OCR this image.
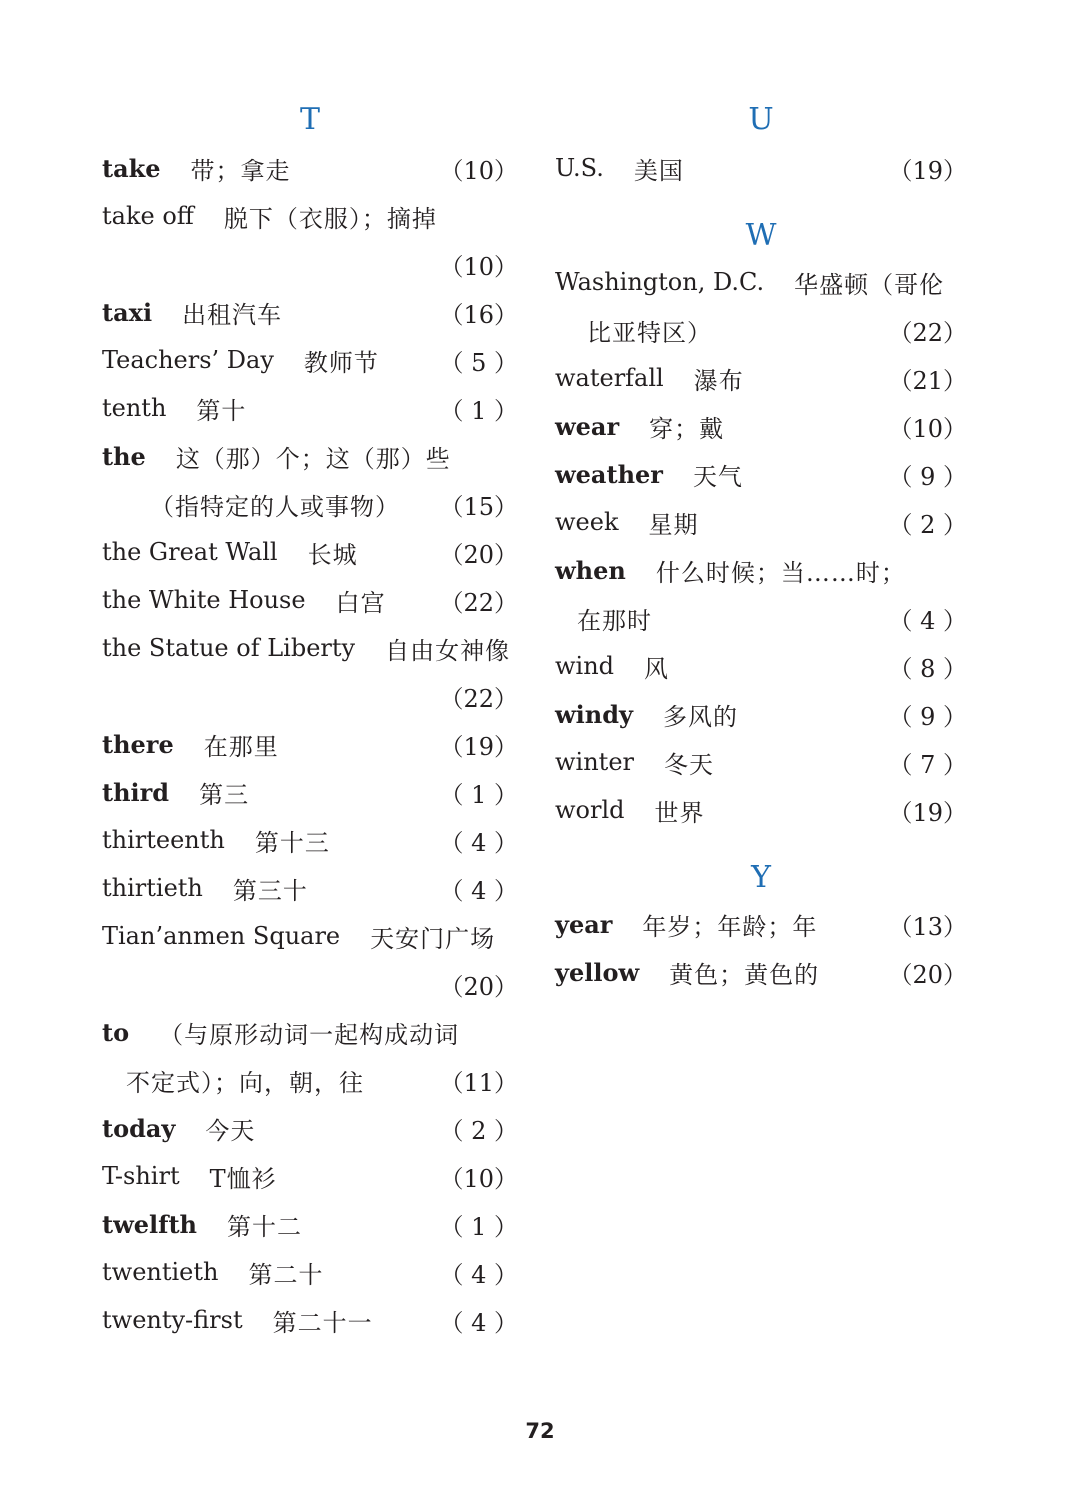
T
take 带；拿走	（10）
take off 脱下（衣服）；摘掉
（10）
taxi 出租汽车	（16）
Teachers’ Day 教师节	（ 5 ）
tenth 第十	（ 1 ）
the 这（那）个；这（那）些
（指特定的人或事物） （15）
the Great Wall 长城	（20）
the White House 白宫 （22）
the Statue of Liberty 自由女神像
（22）
there 在那里	（19）
third 第三	（ 1 ）
thirteenth 第十三	（ 4 ）
thirtieth 第三十	（ 4 ）
Tian’anmen Square 天安门广场
（20）
to （与原形动词一起构成动词
不定式）；向，朝，往	（11）
today 今天	（ 2 ）
T-shirt T恤衫	（10）
twelfth 第十二	（ 1 ）
twentieth 第二十	（ 4 ）
twenty-first 第二十一	（ 4 ）
U
U.S. 美国	（19）
W
Washington, D.C. 华盛顿（哥伦
比亚特区）	（22）
waterfall 瀑布	（21）
wear 穿；戴	（10）
weather 天气	（ 9 ）
week 星期	（ 2 ）
when 什么时候；当……时；
在那时	（ 4 ）
wind 风	（ 8 ）
windy 多风的	（ 9 ）
winter 冬天	（ 7 ）
world 世界	（19）
Y
year 年岁；年龄；年	（13）
yellow 黄色；黄色的	（20）
72
